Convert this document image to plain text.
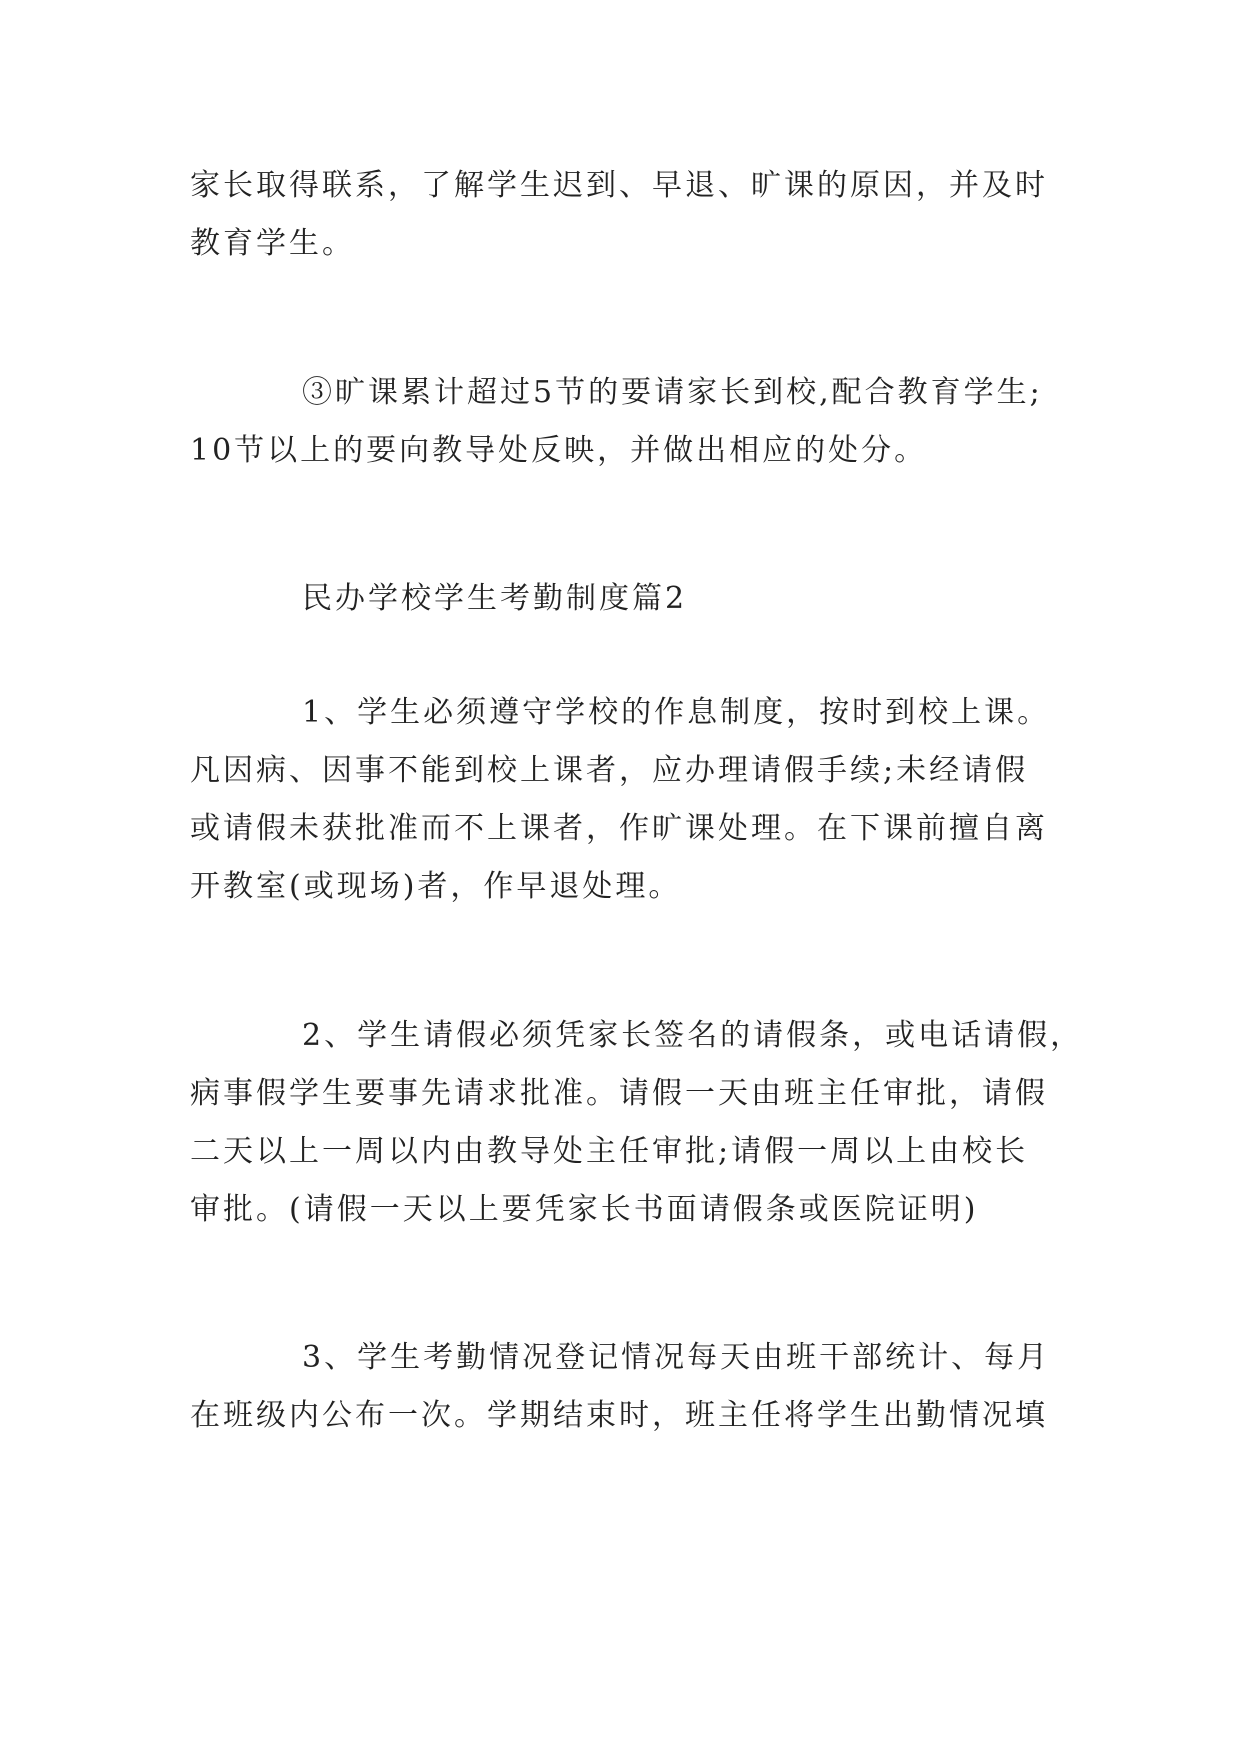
家长取得联系，了解学生迟到、早退、旷课的原因，并及时
教育学生。
③旷课累计超过5节的要请家长到校,配合教育学生;
10节以上的要向教导处反映，并做出相应的处分。
民办学校学生考勤制度篇2
1、学生必须遵守学校的作息制度，按时到校上课。
凡因病、因事不能到校上课者，应办理请假手续;未经请假
或请假未获批准而不上课者，作旷课处理。在下课前擅自离
开教室(或现场)者，作早退处理。
2、学生请假必须凭家长签名的请假条，或电话请假，
病事假学生要事先请求批准。请假一天由班主任审批，请假
二天以上一周以内由教导处主任审批;请假一周以上由校长
审批。(请假一天以上要凭家长书面请假条或医院证明)
3、学生考勤情况登记情况每天由班干部统计、每月
在班级内公布一次。学期结束时，班主任将学生出勤情况填
